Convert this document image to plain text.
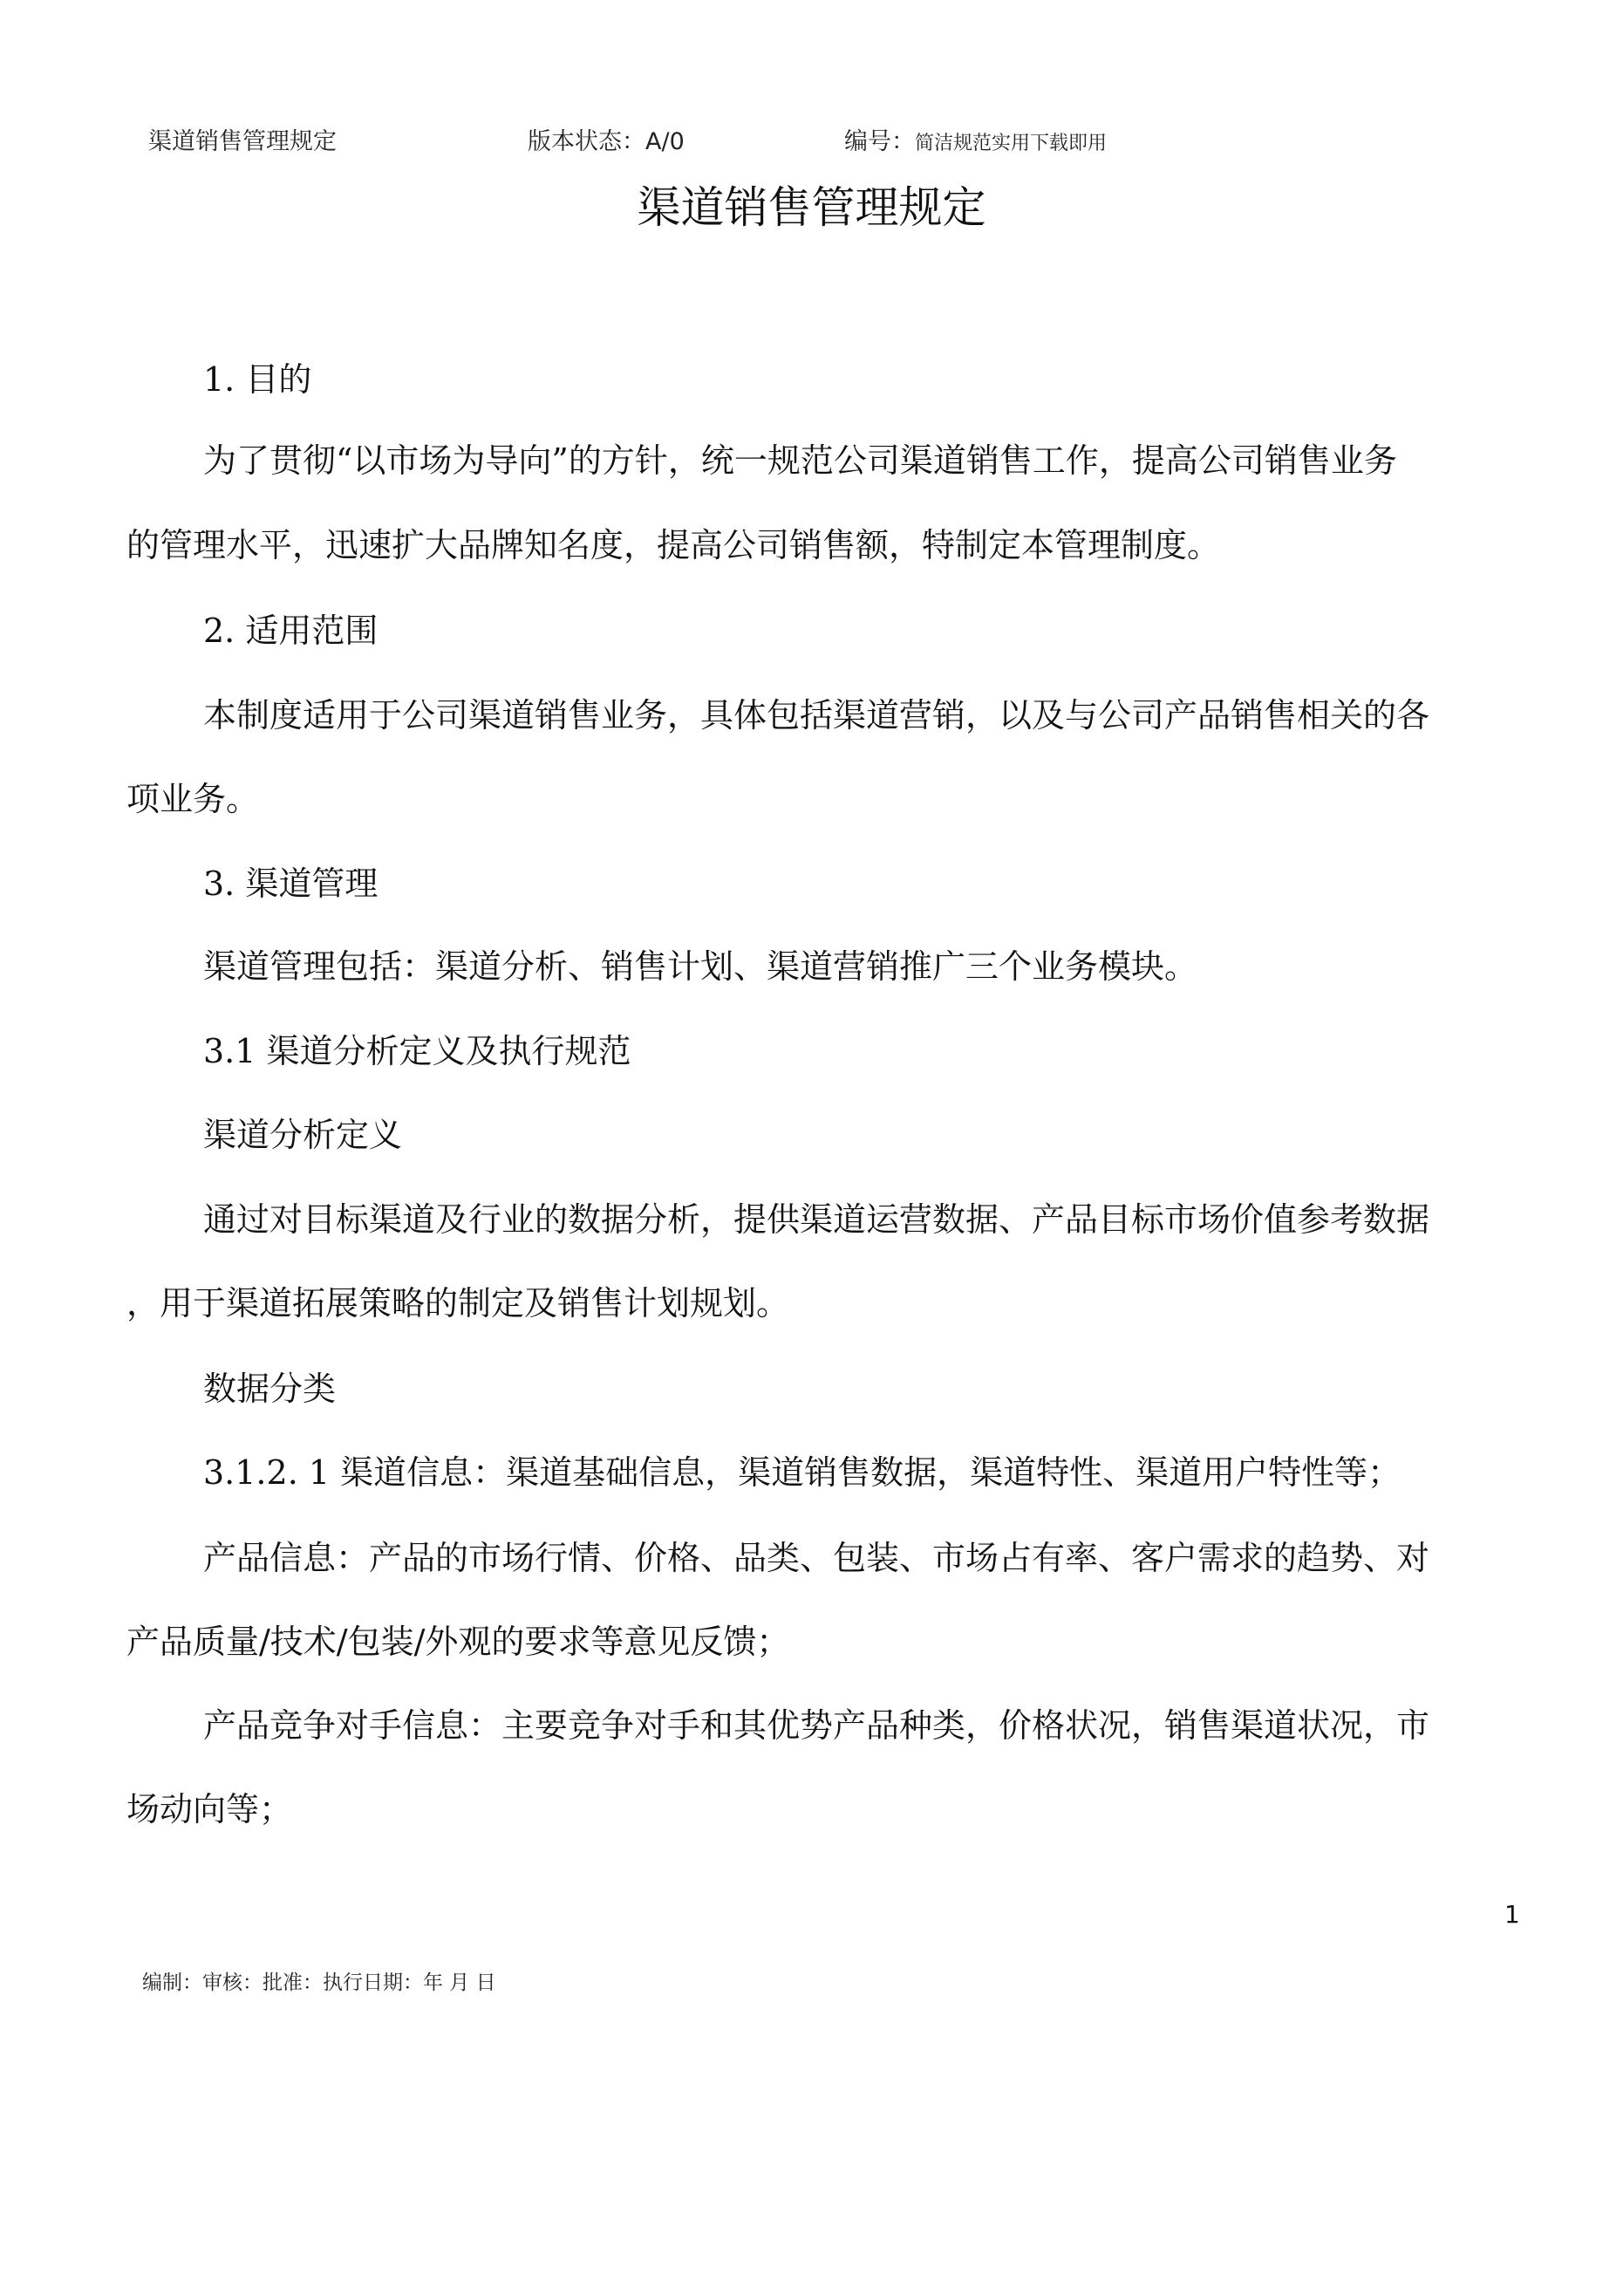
渠道销售管理规定	版本状态：A/0	编号：简洁规范实用下载即用
渠道销售管理规定
1. 目的
为了贯彻“以市场为导向”的方针，统一规范公司渠道销售工作，提高公司销售业务
的管理水平，迅速扩大品牌知名度，提高公司销售额，特制定本管理制度。
2. 适用范围
本制度适用于公司渠道销售业务，具体包括渠道营销，以及与公司产品销售相关的各
项业务。
3. 渠道管理
渠道管理包括：渠道分析、销售计划、渠道营销推广三个业务模块。
3.1 渠道分析定义及执行规范
渠道分析定义
通过对目标渠道及行业的数据分析，提供渠道运营数据、产品目标市场价值参考数据
，用于渠道拓展策略的制定及销售计划规划。
数据分类
3.1.2. 1 渠道信息：渠道基础信息，渠道销售数据，渠道特性、渠道用户特性等；
产品信息：产品的市场行情、价格、品类、包装、市场占有率、客户需求的趋势、对
产品质量/技术/包装/外观的要求等意见反馈；
产品竞争对手信息：主要竞争对手和其优势产品种类，价格状况，销售渠道状况，市
场动向等；
1
编制：审核：批准：执行日期：年 月 日
